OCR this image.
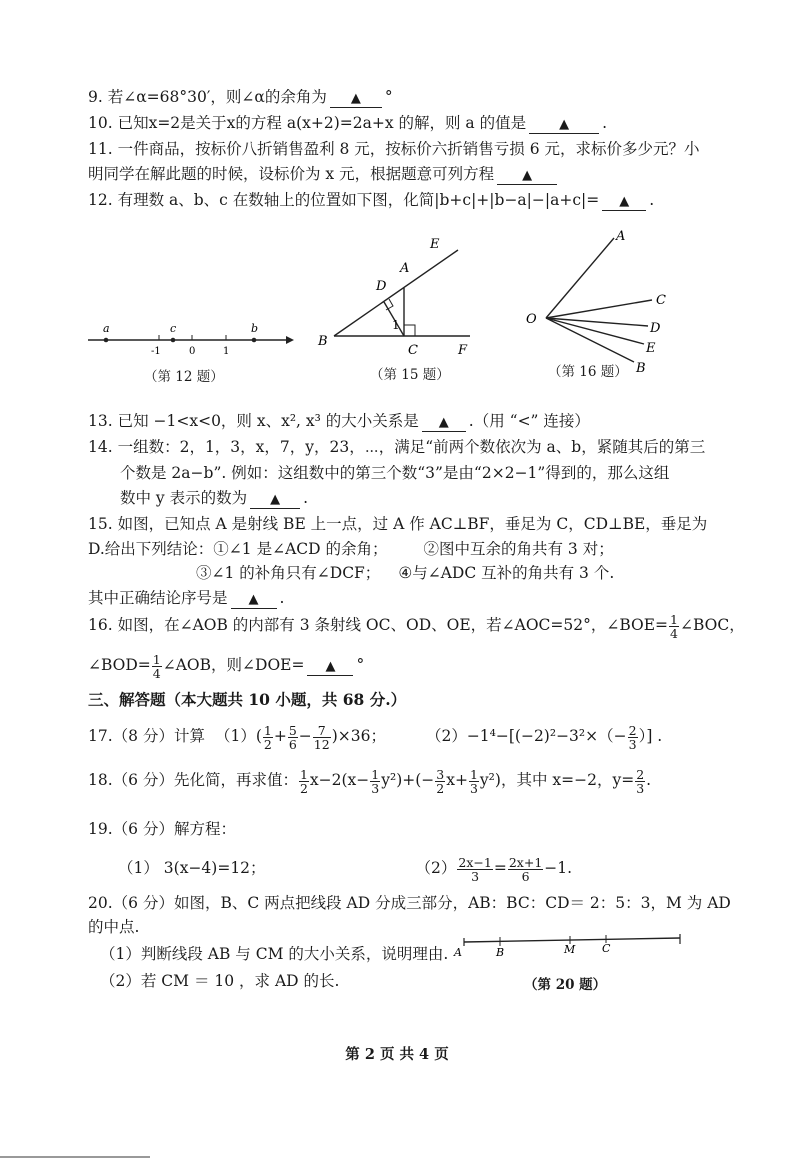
9. 若∠α=68°30′，则∠α的余角为 ▲ °
10. 已知x=2是关于x的方程 a(x+2)=2a+x 的解，则 a 的值是	▲ .
11. 一件商品，按标价八折销售盈利 8 元，按标价六折销售亏损 6 元，求标价多少元？小
明同学在解此题的时候，设标价为 x 元，根据题意可列方程 ▲
12. 有理数 a、b、c 在数轴上的位置如下图，化简|b+c|+|b−a|−|a+c|= ▲ .
a	c	b
-1	0	1
（第 12 题）
E
A
D
1
B
C	F
（第 15 题）
A
C
O
D
E
B
（第 16 题）
13. 已知 −1<x<0，则 x、x², x³ 的大小关系是 ▲ .（用 “<” 连接）
14. 一组数：2，1，3，x，7，y，23，⋯，满足“前两个数依次为 a、b，紧随其后的第三
个数是 2a−b”. 例如：这组数中的第三个数“3”是由“2×2−1”得到的，那么这组
数中 y 表示的数为 ▲ .
15. 如图，已知点 A 是射线 BE 上一点，过 A 作 AC⊥BF，垂足为 C，CD⊥BE，垂足为
D.给出下列结论：①∠1 是∠ACD 的余角； ②图中互余的角共有 3 对；
③∠1 的补角只有∠DCF； ④与∠ADC 互补的角共有 3 个.
其中正确结论序号是 ▲ .
16. 如图，在∠AOB 的内部有 3 条射线 OC、OD、OE，若∠AOC=52°，∠BOE= $\frac{1}{4}$ ∠BOC，
∠BOD= $\frac{1}{4}$ ∠AOB，则∠DOE= ▲ °
三、解答题（本大题共 10 小题，共 68 分.）
17.（8 分）计算 $(1)( \frac{1}{2} + \frac{5}{6} - \frac{7}{12} )\times 36$；	$(2)-1^4-[(-2)^2-3^2\times(- \frac{2}{3}$ ）] .
18.（6 分）先化简，再求值： $\frac{1}{2} x-2(x- \frac{1}{3} y^2)+(- \frac{3}{2} x+ \frac{1}{3} y^2)$，其中 x=−2，$y= \frac{2}{3}$ .
19.（6 分）解方程：
（1） 3(x−4)=12；	$(2) \frac{2x-1}{3} = \frac{2x+1}{6} -1$.
20.（6 分）如图，B、C 两点把线段 AD 分成三部分，AB：BC：CD＝ 2：5：3，M 为 AD
的中点.
（1）判断线段 AB 与 CM 的大小关系，说明理由.
（2）若 CM ＝ 10 ，求 AD 的长.
A	B	M C
（第 20 题）
第 2 页 共 4 页
